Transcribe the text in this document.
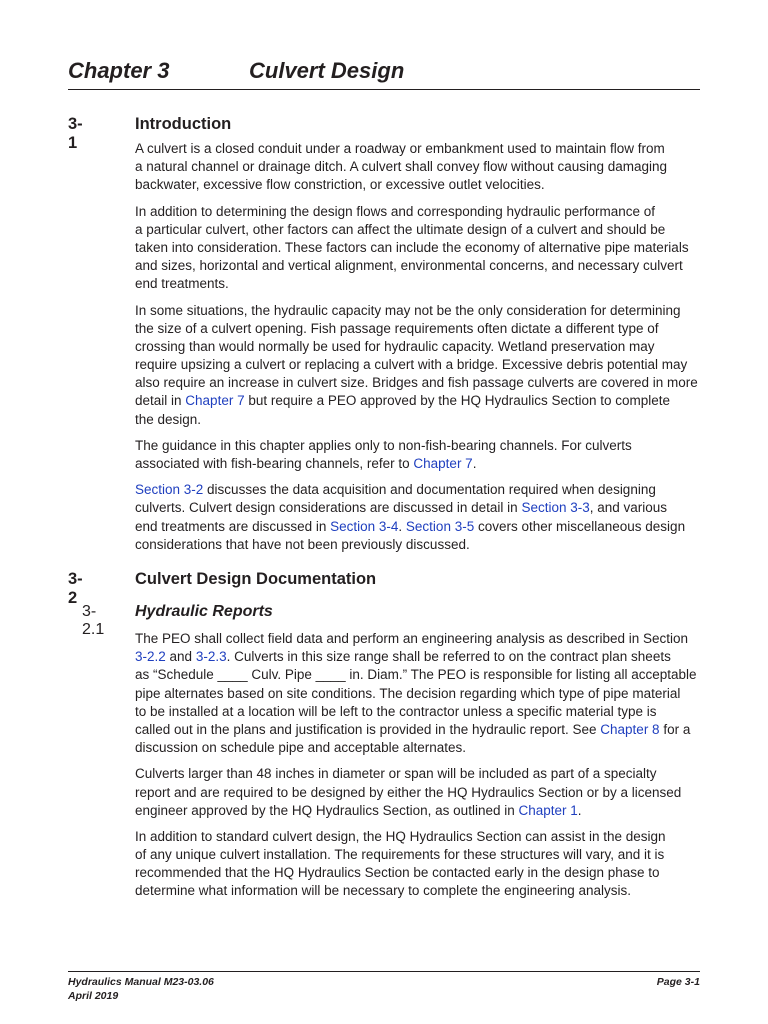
Chapter 3	Culvert Design
3-1
Introduction
A culvert is a closed conduit under a roadway or embankment used to maintain flow from
a natural channel or drainage ditch. A culvert shall convey flow without causing damaging
backwater, excessive flow constriction, or excessive outlet velocities.
In addition to determining the design flows and corresponding hydraulic performance of
a particular culvert, other factors can affect the ultimate design of a culvert and should be
taken into consideration. These factors can include the economy of alternative pipe materials
and sizes, horizontal and vertical alignment, environmental concerns, and necessary culvert
end treatments.
In some situations, the hydraulic capacity may not be the only consideration for determining
the size of a culvert opening. Fish passage requirements often dictate a different type of
crossing than would normally be used for hydraulic capacity. Wetland preservation may
require upsizing a culvert or replacing a culvert with a bridge. Excessive debris potential may
also require an increase in culvert size. Bridges and fish passage culverts are covered in more
detail in Chapter 7 but require a PEO approved by the HQ Hydraulics Section to complete
the design.
The guidance in this chapter applies only to non-fish-bearing channels. For culverts
associated with fish-bearing channels, refer to Chapter 7.
Section 3-2 discusses the data acquisition and documentation required when designing
culverts. Culvert design considerations are discussed in detail in Section 3-3, and various
end treatments are discussed in Section 3-4. Section 3-5 covers other miscellaneous design
considerations that have not been previously discussed.
3-2
Culvert Design Documentation
3-2.1
Hydraulic Reports
The PEO shall collect field data and perform an engineering analysis as described in Section
3-2.2 and 3-2.3. Culverts in this size range shall be referred to on the contract plan sheets
as “Schedule ____ Culv. Pipe ____ in. Diam.” The PEO is responsible for listing all acceptable
pipe alternates based on site conditions. The decision regarding which type of pipe material
to be installed at a location will be left to the contractor unless a specific material type is
called out in the plans and justification is provided in the hydraulic report. See Chapter 8 for a
discussion on schedule pipe and acceptable alternates.
Culverts larger than 48 inches in diameter or span will be included as part of a specialty
report and are required to be designed by either the HQ Hydraulics Section or by a licensed
engineer approved by the HQ Hydraulics Section, as outlined in Chapter 1.
In addition to standard culvert design, the HQ Hydraulics Section can assist in the design
of any unique culvert installation. The requirements for these structures will vary, and it is
recommended that the HQ Hydraulics Section be contacted early in the design phase to
determine what information will be necessary to complete the engineering analysis.
Hydraulics Manual M23-03.06
April 2019
Page 3-1
